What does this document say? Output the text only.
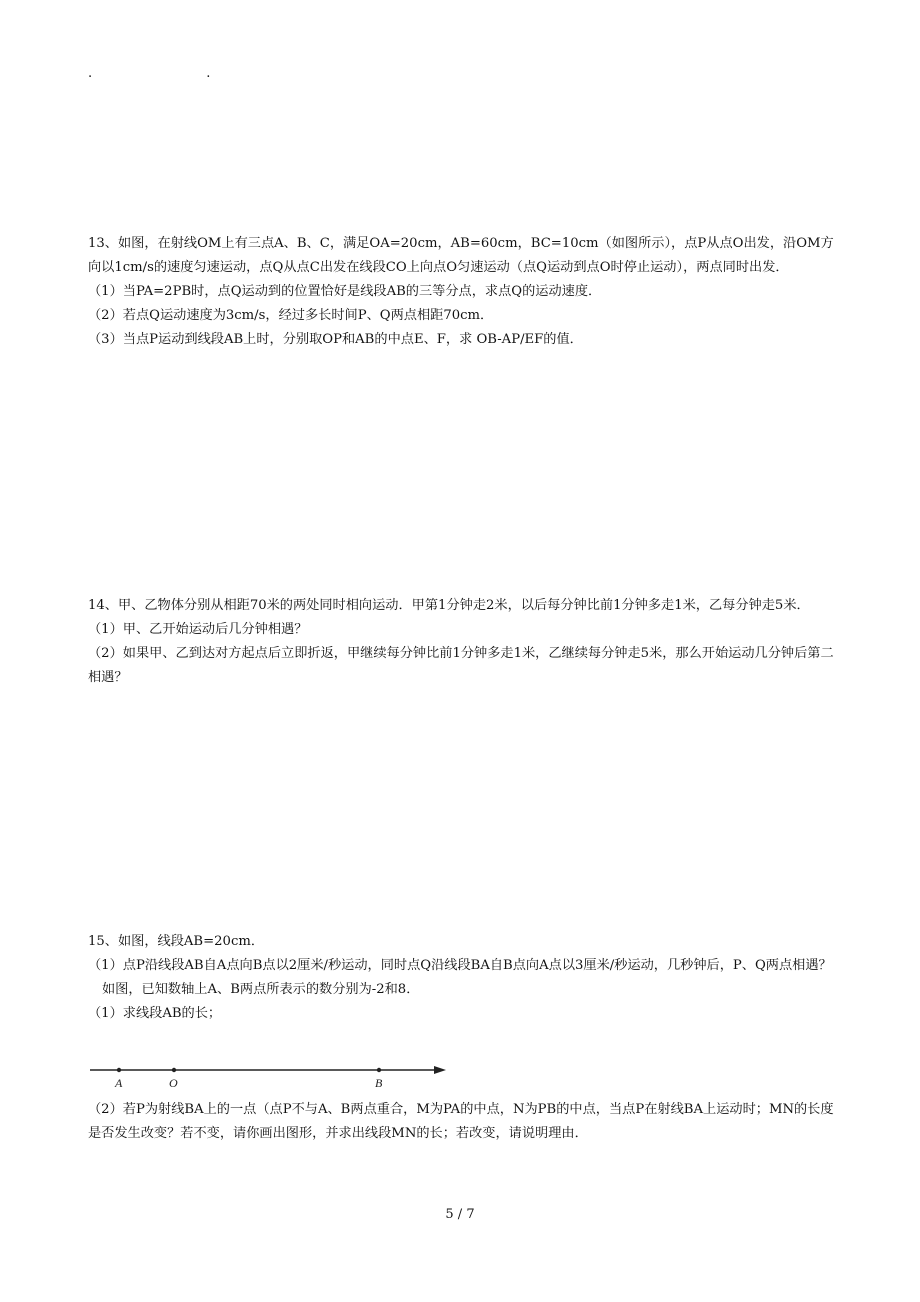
.	.

13、如图，在射线OM上有三点A、B、C，满足OA=20cm，AB=60cm，BC=10cm（如图所示），点P从点O出发，沿OM方向以1cm/s的速度匀速运动，点Q从点C出发在线段CO上向点O匀速运动（点Q运动到点O时停止运动），两点同时出发．

（1）当PA=2PB时，点Q运动到的位置恰好是线段AB的三等分点，求点Q的运动速度．

（2）若点Q运动速度为3cm/s，经过多长时间P、Q两点相距70cm．

（3）当点P运动到线段AB上时，分别取OP和AB的中点E、F，求 OB-AP/EF的值．

14、甲、乙物体分别从相距70米的两处同时相向运动．甲第1分钟走2米，以后每分钟比前1分钟多走1米，乙每分钟走5米．

（1）甲、乙开始运动后几分钟相遇？

（2）如果甲、乙到达对方起点后立即折返，甲继续每分钟比前1分钟多走1米，乙继续每分钟走5米，那么开始运动几分钟后第二相遇？

15、如图，线段AB=20cm．

（1）点P沿线段AB自A点向B点以2厘米/秒运动，同时点Q沿线段BA自B点向A点以3厘米/秒运动，几秒钟后，P、Q两点相遇？

如图，已知数轴上A、B两点所表示的数分别为-2和8．

（1）求线段AB的长；

A	O	B

（2）若P为射线BA上的一点（点P不与A、B两点重合，M为PA的中点，N为PB的中点，当点P在射线BA上运动时；MN的长度是否发生改变？若不变，请你画出图形，并求出线段MN的长；若改变，请说明理由．

5 / 7
